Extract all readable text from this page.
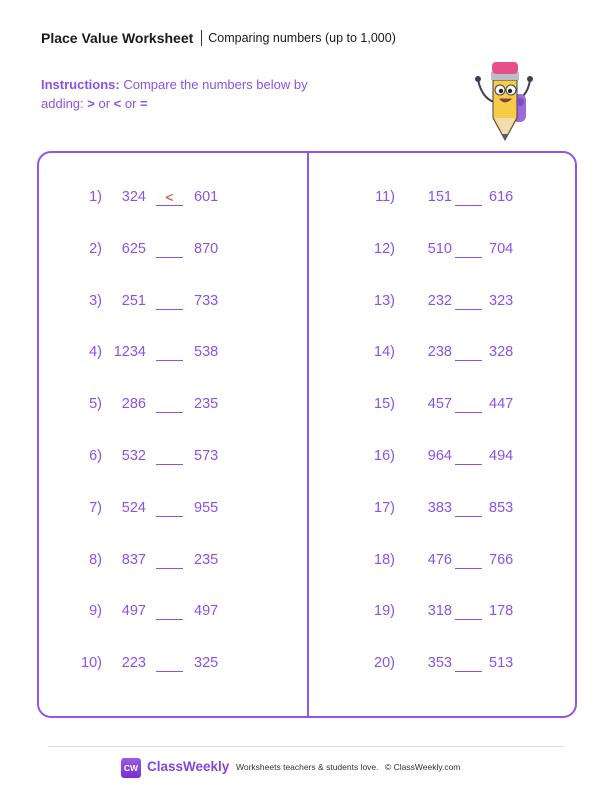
Place Value Worksheet Comparing numbers (up to 1,000)
Instructions: Compare the numbers below by
adding: > or < or =
1)	324	<	601
2)	625	870
3)	251	733
4) 1234	538
5)	286	235
6)	532	573
7)	524	955
8)	837	235
9)	497	497
10)	223	325
11)	151	616
12)	510	704
13)	232	323
14)	238	328
15)	457	447
16)	964	494
17)	383	853
18)	476	766
19)	318	178
20)	353	513
CW ClassWeekly Worksheets teachers & students love. © ClassWeekly.com
